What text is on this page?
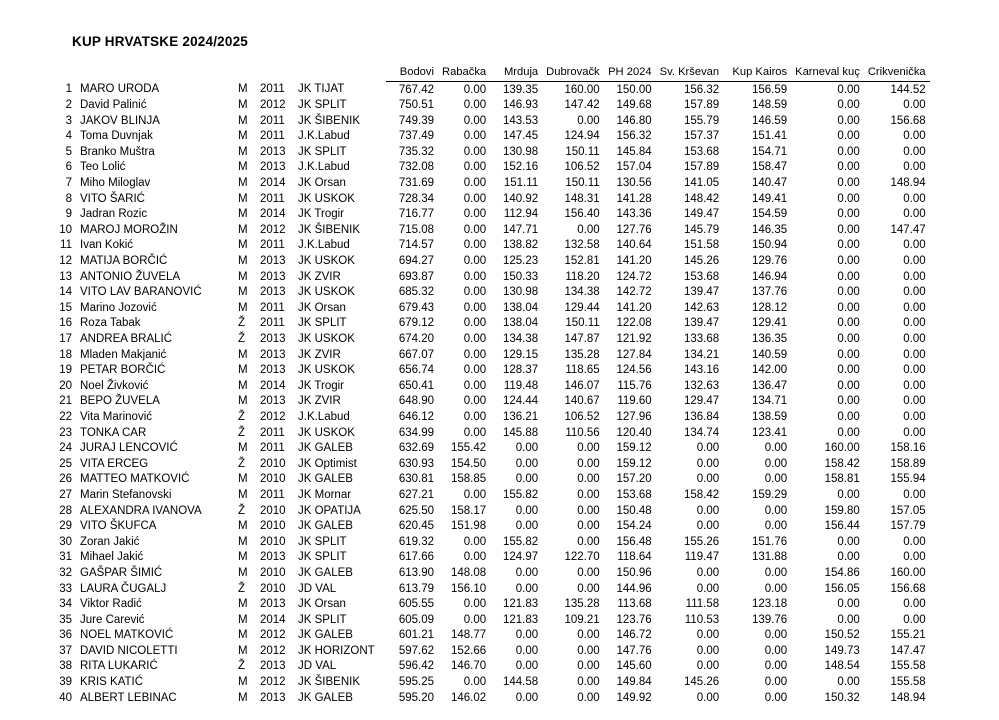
KUP HRVATSKE 2024/2025
					Bodovi	Rabačka	Mrduja	Dubrovačk	PH 2024	Sv. Krševan	Kup Kairos	Karneval kuç	Crikvenička
1	MARO URODA	M	2011	JK TIJAT	767.42	0.00	139.35	160.00	150.00	156.32	156.59	0.00	144.52
2	David Palinić	M	2012	JK SPLIT	750.51	0.00	146.93	147.42	149.68	157.89	148.59	0.00	0.00
3	JAKOV BLINJA	M	2011	JK ŠIBENIK	749.39	0.00	143.53	0.00	146.80	155.79	146.59	0.00	156.68
4	Toma Duvnjak	M	2011	J.K.Labud	737.49	0.00	147.45	124.94	156.32	157.37	151.41	0.00	0.00
5	Branko Muštra	M	2013	JK SPLIT	735.32	0.00	130.98	150.11	145.84	153.68	154.71	0.00	0.00
6	Teo Lolić	M	2013	J.K.Labud	732.08	0.00	152.16	106.52	157.04	157.89	158.47	0.00	0.00
7	Miho Miloglav	M	2014	JK Orsan	731.69	0.00	151.11	150.11	130.56	141.05	140.47	0.00	148.94
8	VITO ŠARIĆ	M	2011	JK USKOK	728.34	0.00	140.92	148.31	141.28	148.42	149.41	0.00	0.00
9	Jadran Rozic	M	2014	JK Trogir	716.77	0.00	112.94	156.40	143.36	149.47	154.59	0.00	0.00
10	MAROJ MOROŽIN	M	2012	JK ŠIBENIK	715.08	0.00	147.71	0.00	127.76	145.79	146.35	0.00	147.47
11	Ivan Kokić	M	2011	J.K.Labud	714.57	0.00	138.82	132.58	140.64	151.58	150.94	0.00	0.00
12	MATIJA BORČIĆ	M	2013	JK USKOK	694.27	0.00	125.23	152.81	141.20	145.26	129.76	0.00	0.00
13	ANTONIO ŽUVELA	M	2013	JK ZVIR	693.87	0.00	150.33	118.20	124.72	153.68	146.94	0.00	0.00
14	VITO LAV BARANOVIĆ	M	2013	JK USKOK	685.32	0.00	130.98	134.38	142.72	139.47	137.76	0.00	0.00
15	Marino Jozović	M	2011	JK Orsan	679.43	0.00	138.04	129.44	141.20	142.63	128.12	0.00	0.00
16	Roza Tabak	Ž	2011	JK SPLIT	679.12	0.00	138.04	150.11	122.08	139.47	129.41	0.00	0.00
17	ANDREA BRALIĆ	Ž	2013	JK USKOK	674.20	0.00	134.38	147.87	121.92	133.68	136.35	0.00	0.00
18	Mladen Makjanić	M	2013	JK ZVIR	667.07	0.00	129.15	135.28	127.84	134.21	140.59	0.00	0.00
19	PETAR BORČIĆ	M	2013	JK USKOK	656.74	0.00	128.37	118.65	124.56	143.16	142.00	0.00	0.00
20	Noel Živković	M	2014	JK Trogir	650.41	0.00	119.48	146.07	115.76	132.63	136.47	0.00	0.00
21	BEPO ŽUVELA	M	2013	JK ZVIR	648.90	0.00	124.44	140.67	119.60	129.47	134.71	0.00	0.00
22	Vita Marinović	Ž	2012	J.K.Labud	646.12	0.00	136.21	106.52	127.96	136.84	138.59	0.00	0.00
23	TONKA CAR	Ž	2011	JK USKOK	634.99	0.00	145.88	110.56	120.40	134.74	123.41	0.00	0.00
24	JURAJ LENCOVIĆ	M	2011	JK GALEB	632.69	155.42	0.00	0.00	159.12	0.00	0.00	160.00	158.16
25	VITA ERCEG	Ž	2010	JK Optimist	630.93	154.50	0.00	0.00	159.12	0.00	0.00	158.42	158.89
26	MATTEO MATKOVIĆ	M	2010	JK GALEB	630.81	158.85	0.00	0.00	157.20	0.00	0.00	158.81	155.94
27	Marin Stefanovski	M	2011	JK Mornar	627.21	0.00	155.82	0.00	153.68	158.42	159.29	0.00	0.00
28	ALEXANDRA IVANOVA	Ž	2010	JK OPATIJA	625.50	158.17	0.00	0.00	150.48	0.00	0.00	159.80	157.05
29	VITO ŠKUFCA	M	2010	JK GALEB	620.45	151.98	0.00	0.00	154.24	0.00	0.00	156.44	157.79
30	Zoran Jakić	M	2010	JK SPLIT	619.32	0.00	155.82	0.00	156.48	155.26	151.76	0.00	0.00
31	Mihael Jakić	M	2013	JK SPLIT	617.66	0.00	124.97	122.70	118.64	119.47	131.88	0.00	0.00
32	GAŠPAR ŠIMIĆ	M	2010	JK GALEB	613.90	148.08	0.00	0.00	150.96	0.00	0.00	154.86	160.00
33	LAURA ČUGALJ	Ž	2010	JD VAL	613.79	156.10	0.00	0.00	144.96	0.00	0.00	156.05	156.68
34	Viktor Radić	M	2013	JK Orsan	605.55	0.00	121.83	135.28	113.68	111.58	123.18	0.00	0.00
35	Jure Carević	M	2014	JK SPLIT	605.09	0.00	121.83	109.21	123.76	110.53	139.76	0.00	0.00
36	NOEL MATKOVIĆ	M	2012	JK GALEB	601.21	148.77	0.00	0.00	146.72	0.00	0.00	150.52	155.21
37	DAVID NICOLETTI	M	2012	JK HORIZONT	597.62	152.66	0.00	0.00	147.76	0.00	0.00	149.73	147.47
38	RITA LUKARIĆ	Ž	2013	JD VAL	596.42	146.70	0.00	0.00	145.60	0.00	0.00	148.54	155.58
39	KRIS KATIĆ	M	2012	JK ŠIBENIK	595.25	0.00	144.58	0.00	149.84	145.26	0.00	0.00	155.58
40	ALBERT LEBINAC	M	2013	JK GALEB	595.20	146.02	0.00	0.00	149.92	0.00	0.00	150.32	148.94
